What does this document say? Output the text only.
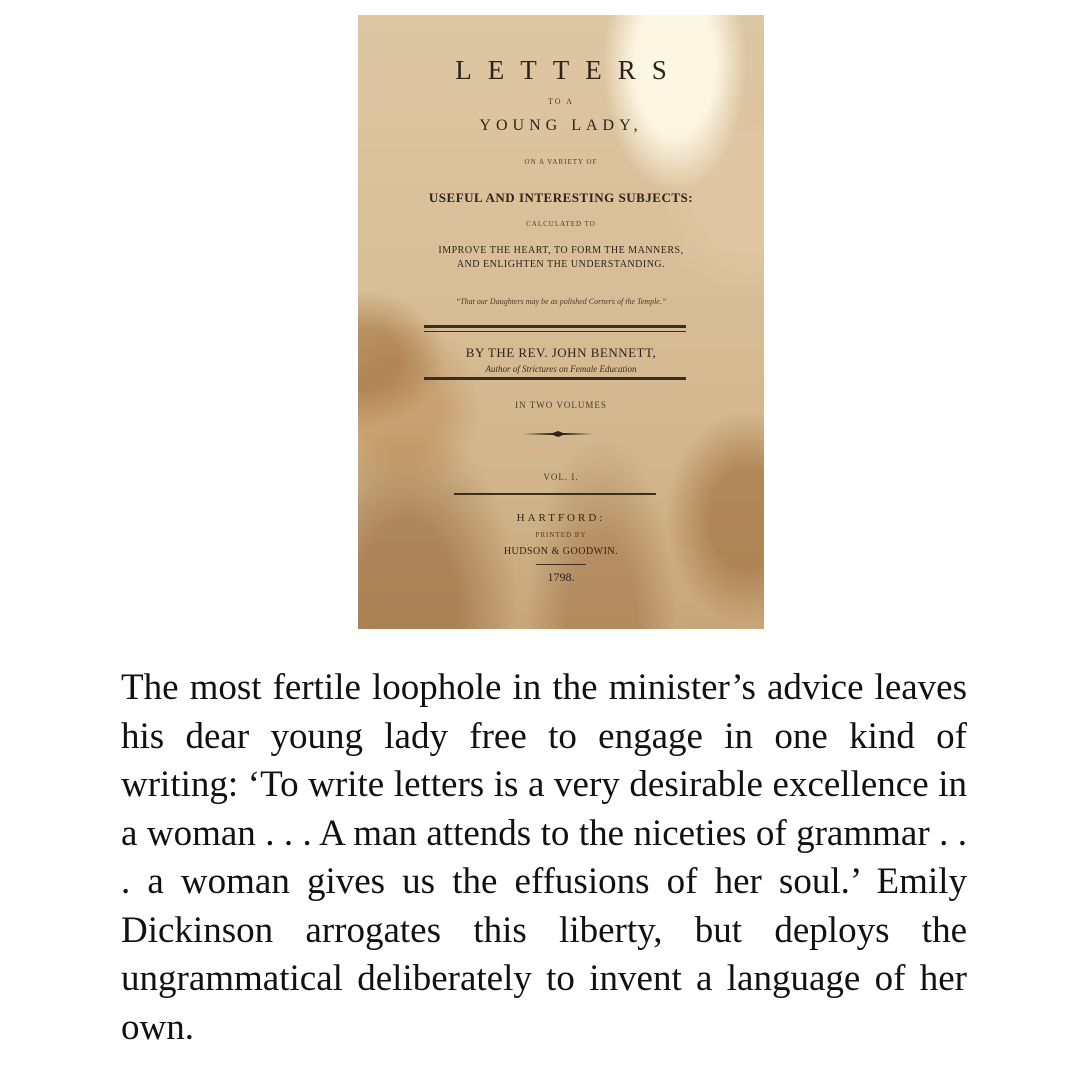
LETTERS
TO A
YOUNG LADY,
ON A VARIETY OF
USEFUL AND INTERESTING SUBJECTS:
CALCULATED TO
IMPROVE THE HEART, TO FORM THE MANNERS,
AND ENLIGHTEN THE UNDERSTANDING.
“That our Daughters may be as polished Corners of the Temple.”
BY THE REV. JOHN BENNETT,
Author of Strictures on Female Education
IN TWO VOLUMES
VOL. I.
HARTFORD:
PRINTED BY
HUDSON & GOODWIN.
1798.

The most fertile loophole in the minister’s advice leaves his dear young lady free to engage in one kind of writing: ‘To write letters is a very desirable excellence in a woman . . . A man attends to the niceties of grammar . . . a woman gives us the effusions of her soul.’ Emily Dickinson arrogates this liberty, but deploys the ungrammatical deliberately to invent a language of her own.
